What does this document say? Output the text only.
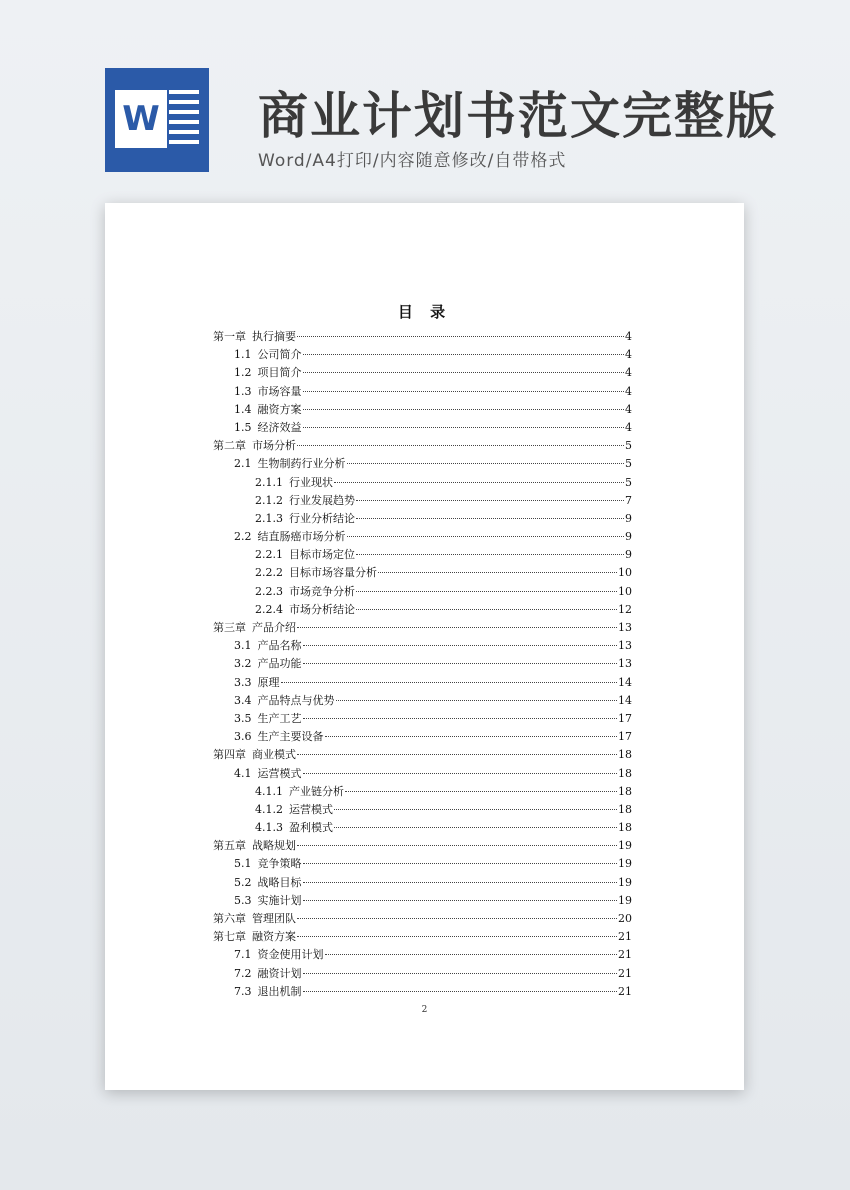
W 商业计划书范文完整版
Word/A4打印/内容随意修改/自带格式
目 录
第一章 执行摘要	4
1.1 公司简介	4
1.2 项目简介	4
1.3 市场容量	4
1.4 融资方案	4
1.5 经济效益	4
第二章 市场分析	5
2.1 生物制药行业分析	5
2.1.1 行业现状	5
2.1.2 行业发展趋势	7
2.1.3 行业分析结论	9
2.2 结直肠癌市场分析	9
2.2.1 目标市场定位	9
2.2.2 目标市场容量分析	10
2.2.3 市场竞争分析	10
2.2.4 市场分析结论	12
第三章 产品介绍	13
3.1 产品名称	13
3.2 产品功能	13
3.3 原理	14
3.4 产品特点与优势	14
3.5 生产工艺	17
3.6 生产主要设备	17
第四章 商业模式	18
4.1 运营模式	18
4.1.1 产业链分析	18
4.1.2 运营模式	18
4.1.3 盈利模式	18
第五章 战略规划	19
5.1 竞争策略	19
5.2 战略目标	19
5.3 实施计划	19
第六章 管理团队	20
第七章 融资方案	21
7.1 资金使用计划	21
7.2 融资计划	21
7.3 退出机制	21
2
